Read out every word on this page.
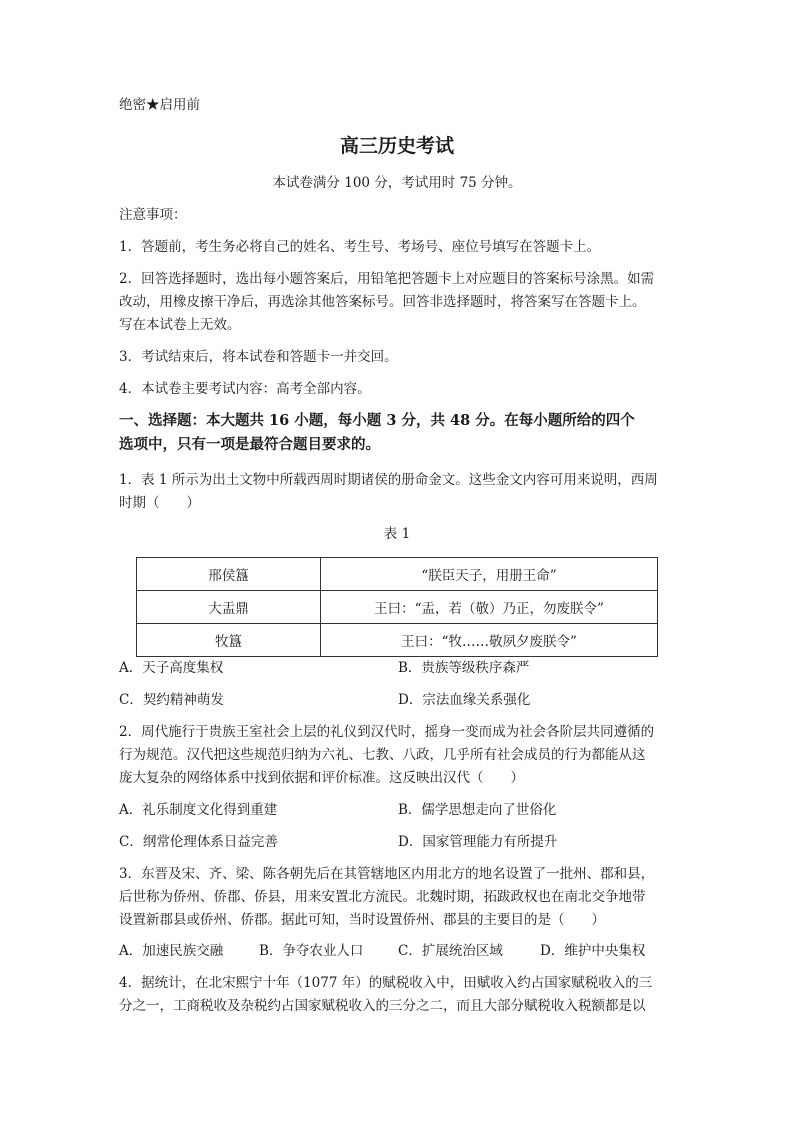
绝密★启用前
高三历史考试
本试卷满分 100 分，考试用时 75 分钟。
注意事项：
1．答题前，考生务必将自己的姓名、考生号、考场号、座位号填写在答题卡上。
2．回答选择题时，选出每小题答案后，用铅笔把答题卡上对应题目的答案标号涂黑。如需
改动，用橡皮擦干净后，再选涂其他答案标号。回答非选择题时，将答案写在答题卡上。
写在本试卷上无效。
3．考试结束后，将本试卷和答题卡一并交回。
4．本试卷主要考试内容：高考全部内容。
一、选择题：本大题共 16 小题，每小题 3 分，共 48 分。在每小题所给的四个
选项中，只有一项是最符合题目要求的。
1．表 1 所示为出土文物中所载西周时期诸侯的册命金文。这些金文内容可用来说明，西周
时期（　　）
表 1
邢侯簋	“朕臣天子，用册王命”
大盂鼎	王曰：“盂，若（敬）乃正，勿废朕令”
牧簋	王曰：“牧……敬夙夕废朕令”
A．天子高度集权	B．贵族等级秩序森严
C．契约精神萌发	D．宗法血缘关系强化
2．周代施行于贵族王室社会上层的礼仪到汉代时，摇身一变而成为社会各阶层共同遵循的
行为规范。汉代把这些规范归纳为六礼、七教、八政，几乎所有社会成员的行为都能从这
庞大复杂的网络体系中找到依据和评价标准。这反映出汉代（　　）
A．礼乐制度文化得到重建	B．儒学思想走向了世俗化
C．纲常伦理体系日益完善	D．国家管理能力有所提升
3．东晋及宋、齐、梁、陈各朝先后在其管辖地区内用北方的地名设置了一批州、郡和县，
后世称为侨州、侨郡、侨县，用来安置北方流民。北魏时期，拓跋政权也在南北交争地带
设置新郡县或侨州、侨郡。据此可知，当时设置侨州、郡县的主要目的是（　　）
A．加速民族交融	B．争夺农业人口	C．扩展统治区域	D．维护中央集权
4．据统计，在北宋熙宁十年（1077 年）的赋税收入中，田赋收入约占国家赋税收入的三
分之一，工商税收及杂税约占国家赋税收入的三分之二，而且大部分赋税收入税额都是以
